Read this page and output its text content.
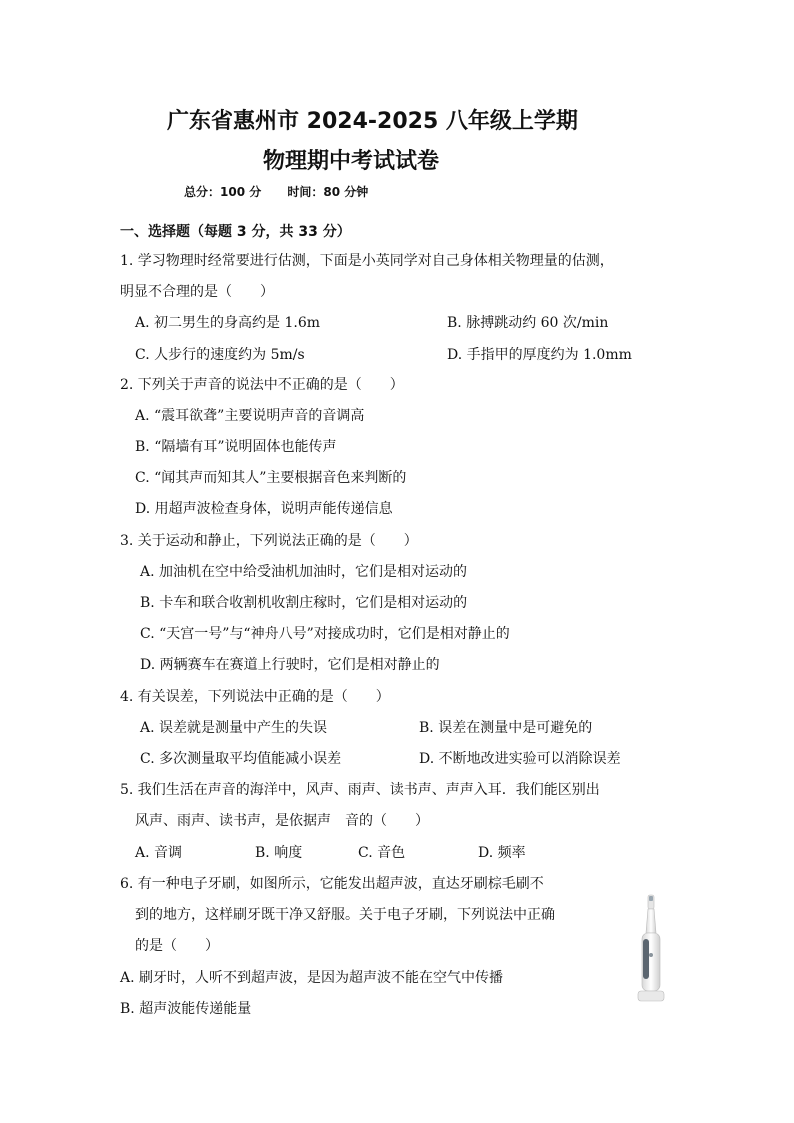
广东省惠州市 2024-2025 八年级上学期
物理期中考试试卷
总分：100 分 时间：80 分钟
一、选择题（每题 3 分，共 33 分）
1. 学习物理时经常要进行估测，下面是小英同学对自己身体相关物理量的估测，
明显不合理的是（　　）
A. 初二男生的身高约是 1.6m	B. 脉搏跳动约 60 次/min
C. 人步行的速度约为 5m/s	D. 手指甲的厚度约为 1.0mm
2. 下列关于声音的说法中不正确的是（　　）
A. “震耳欲聋”主要说明声音的音调高
B. “隔墙有耳”说明固体也能传声
C. “闻其声而知其人”主要根据音色来判断的
D. 用超声波检查身体，说明声能传递信息
3. 关于运动和静止，下列说法正确的是（　　）
A. 加油机在空中给受油机加油时，它们是相对运动的
B. 卡车和联合收割机收割庄稼时，它们是相对运动的
C. “天宫一号”与“神舟八号”对接成功时，它们是相对静止的
D. 两辆赛车在赛道上行驶时，它们是相对静止的
4. 有关误差，下列说法中正确的是（　　）
A. 误差就是测量中产生的失误	B. 误差在测量中是可避免的
C. 多次测量取平均值能减小误差	D. 不断地改进实验可以消除误差
5. 我们生活在声音的海洋中，风声、雨声、读书声、声声入耳．我们能区别出
风声、雨声、读书声，是依据声　音的（　　）
A. 音调	B. 响度	C. 音色	D. 频率
6. 有一种电子牙刷，如图所示，它能发出超声波，直达牙刷棕毛刷不
到的地方，这样刷牙既干净又舒服。关于电子牙刷，下列说法中正确
的是（　　）
A. 刷牙时，人听不到超声波，是因为超声波不能在空气中传播
B. 超声波能传递能量
